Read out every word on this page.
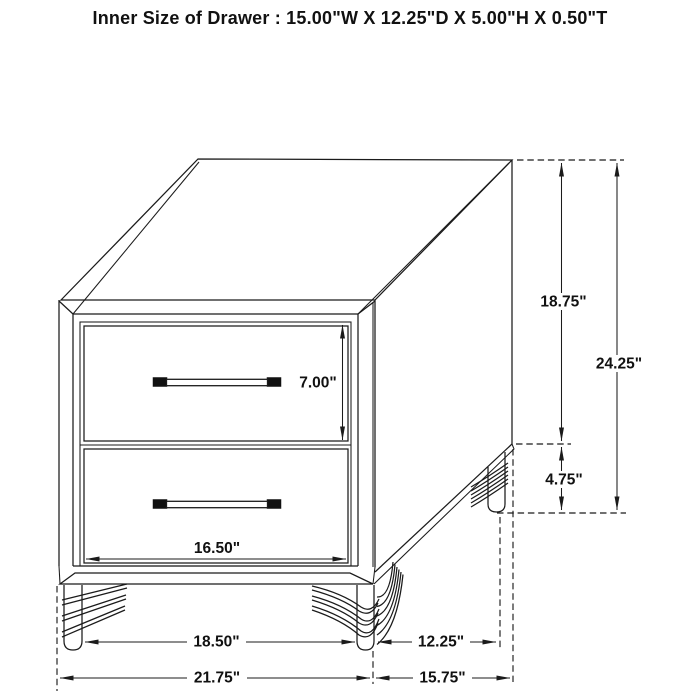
Inner Size of Drawer : 15.00"W X 12.25"D X 5.00"H X 0.50"T
18.75"
24.25"
4.75"
7.00"
16.50"
18.50"	12.25"
21.75"	15.75"
